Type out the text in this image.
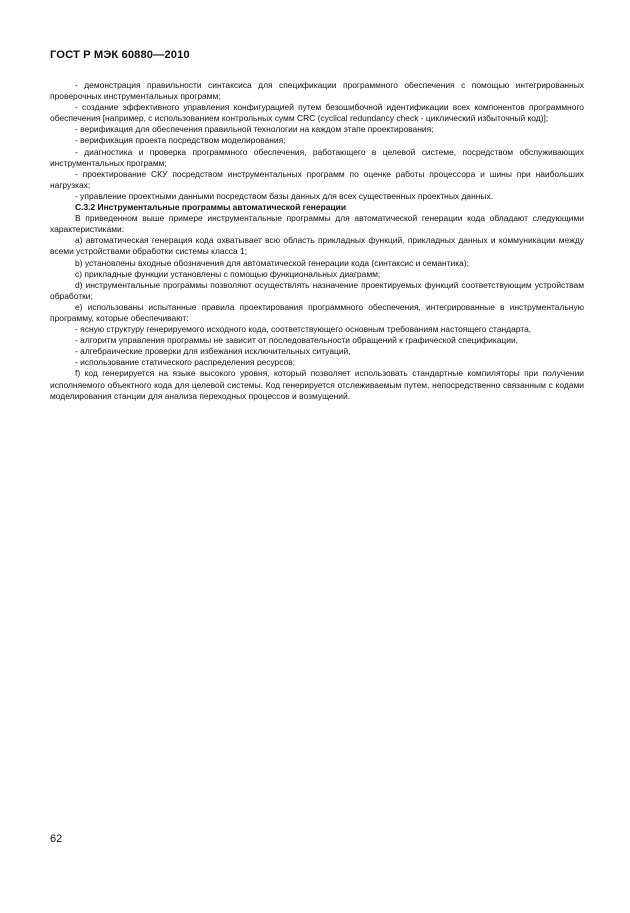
ГОСТ Р МЭК 60880—2010

- демонстрация правильности синтаксиса для спецификации программного обеспечения с помощью интегрированных проверочных инструментальных программ;

- создание эффективного управления конфигурацией путем безошибочной идентификации всех компонентов программного обеспечения [например, с использованием контрольных сумм CRC (cyclical redundancy check - циклический избыточный код)];

- верификация для обеспечения правильной технологии на каждом этапе проектирования;

- верификация проекта посредством моделирования;

- диагностика и проверка программного обеспечения, работающего в целевой системе, посредством обслуживающих инструментальных программ;

- проектирование СКУ посредством инструментальных программ по оценке работы процессора и шины при наибольших нагрузках;

- управление проектными данными посредством базы данных для всех существенных проектных данных.

С.3.2 Инструментальные программы автоматической генерации

В приведенном выше примере инструментальные программы для автоматической генерации кода обладают следующими характеристиками:

a) автоматическая генерация кода охватывает всю область прикладных функций, прикладных данных и коммуникации между всеми устройствами обработки системы класса 1;

b) установлены входные обозначения для автоматической генерации кода (синтаксис и семантика);

c) прикладные функции установлены с помощью функциональных диаграмм;

d) инструментальные программы позволяют осуществлять назначение проектируемых функций соответствующим устройствам обработки;

e) использованы испытанные правила проектирования программного обеспечения, интегрированные в инструментальную программу, которые обеспечивают:

- ясную структуру генерируемого исходного кода, соответствующего основным требованиям настоящего стандарта,

- алгоритм управления программы не зависит от последовательности обращений к графической спецификации,

- алгебраические проверки для избежания исключительных ситуаций,

- использование статического распределения ресурсов;

f) код генерируется на языке высокого уровня, который позволяет использовать стандартные компиляторы при получении исполняемого объектного кода для целевой системы. Код генерируется отслеживаемым путем, непосредственно связанным с кодами моделирования станции для анализа переходных процессов и возмущений.

62
